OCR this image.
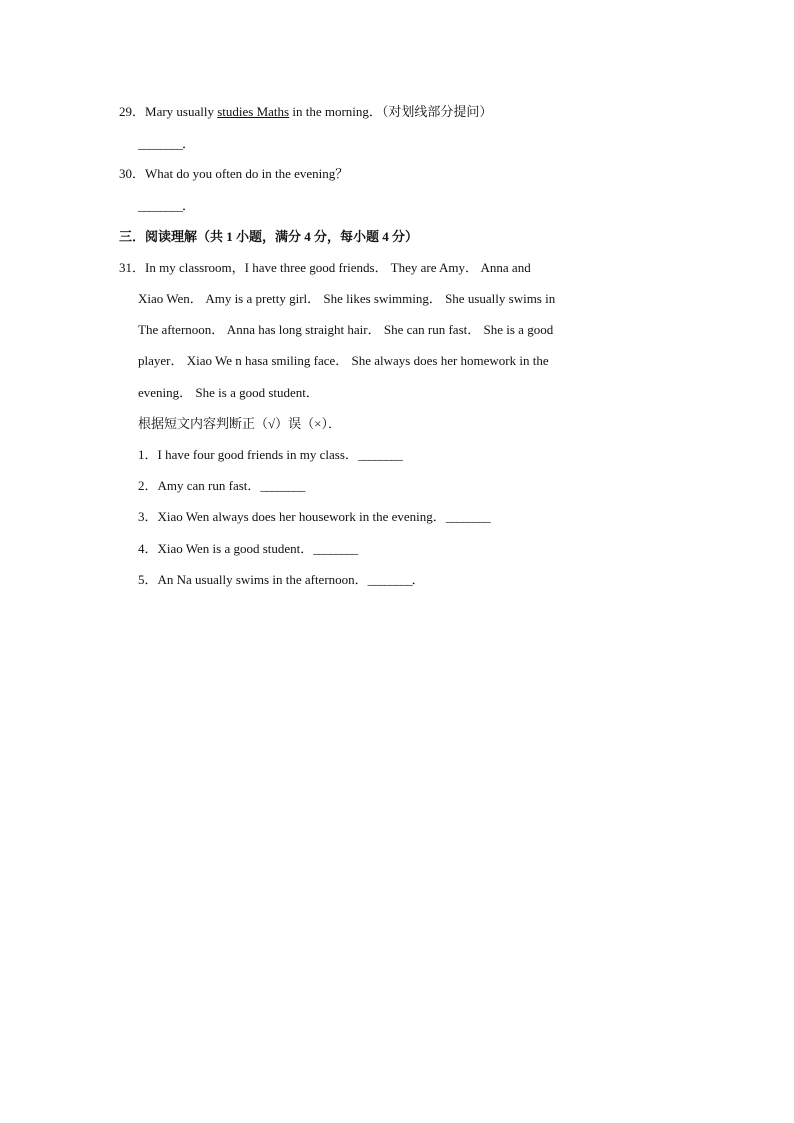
29．Mary usually studies Maths in the morning．（对划线部分提问）
________．
30．What do you often do in the evening？
________．
三．阅读理解（共 1 小题，满分 4 分，每小题 4 分）
31．In my classroom，I have three good friends． They are Amy． Anna and
Xiao Wen． Amy is a pretty girl． She likes swimming． She usually swims in
The afternoon． Anna has long straight hair． She can run fast． She is a good
player． Xiao We n hasa smiling face． She always does her homework in the
evening． She is a good student．
根据短文内容判断正（√）误（×）．
1．I have four good friends in my class．________
2．Amy can run fast．________
3．Xiao Wen always does her housework in the evening．________
4．Xiao Wen is a good student．________
5．An Na usually swims in the afternoon．________．
